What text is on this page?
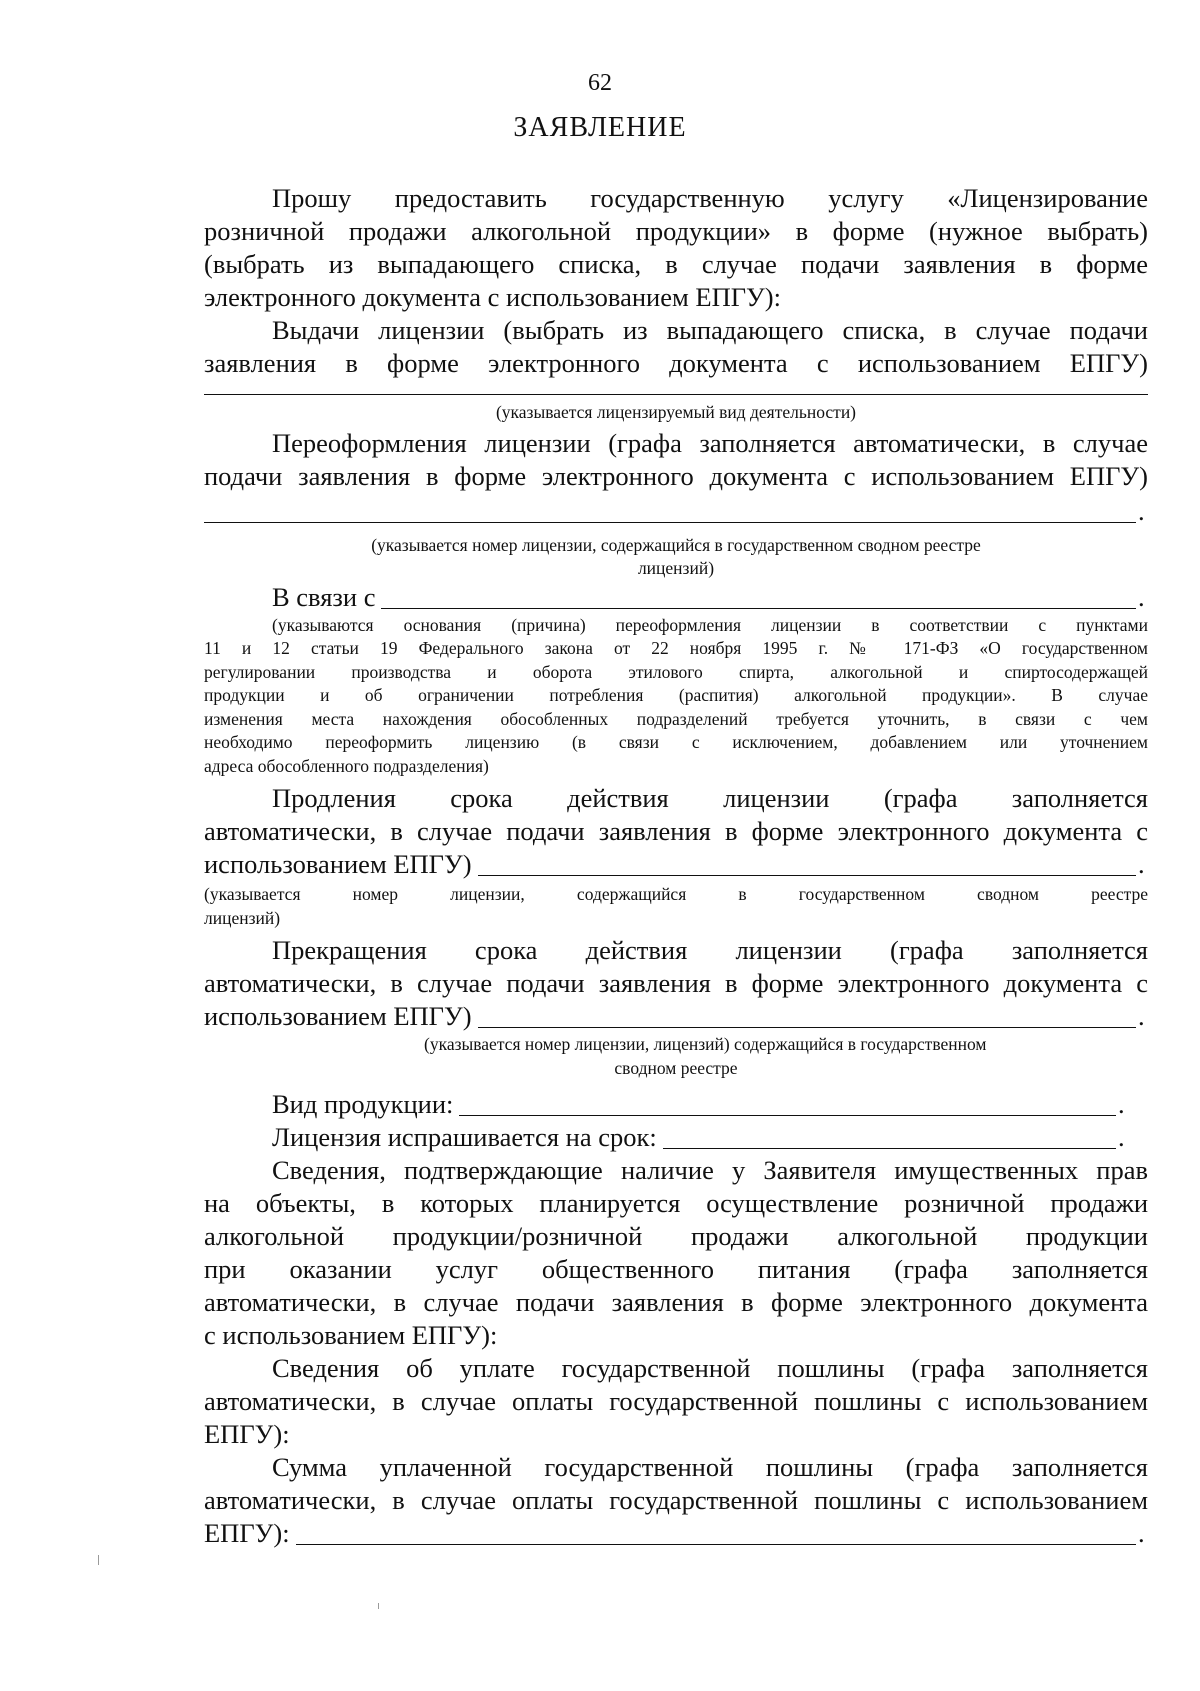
62
ЗАЯВЛЕНИЕ

Прошу предоставить государственную услугу «Лицензирование

розничной продажи алкогольной продукции» в форме (нужное выбрать)

(выбрать из выпадающего списка, в случае подачи заявления в форме

электронного документа с использованием ЕПГУ):

Выдачи лицензии (выбрать из выпадающего списка, в случае подачи

заявления в форме электронного документа с использованием ЕПГУ)

(указывается лицензируемый вид деятельности)

Переоформления лицензии (графа заполняется автоматически, в случае

подачи заявления в форме электронного документа с использованием ЕПГУ)

.

(указывается номер лицензии, содержащийся в государственном сводном реестре

лицензий)

В связи с	.

(указываются основания (причина) переоформления лицензии в соответствии с пунктами

11 и 12 статьи 19 Федерального закона от 22 ноября 1995 г. № 171-ФЗ «О государственном

регулировании производства и оборота этилового спирта, алкогольной и спиртосодержащей

продукции и об ограничении потребления (распития) алкогольной продукции». В случае

изменения места нахождения обособленных подразделений требуется уточнить, в связи с чем

необходимо переоформить лицензию (в связи с исключением, добавлением или уточнением

адреса обособленного подразделения)

Продления срока действия лицензии (графа заполняется

автоматически, в случае подачи заявления в форме электронного документа с

использованием ЕПГУ)	.

(указывается номер лицензии, содержащийся в государственном сводном реестре

лицензий)

Прекращения срока действия лицензии (графа заполняется

автоматически, в случае подачи заявления в форме электронного документа с

использованием ЕПГУ)	.

(указывается номер лицензии, лицензий) содержащийся в государственном

сводном реестре

Вид продукции:	.
Лицензия испрашивается на срок:	.

Сведения, подтверждающие наличие у Заявителя имущественных прав

на объекты, в которых планируется осуществление розничной продажи

алкогольной продукции/розничной продажи алкогольной продукции

при оказании услуг общественного питания (графа заполняется

автоматически, в случае подачи заявления в форме электронного документа

с использованием ЕПГУ):

Сведения об уплате государственной пошлины (графа заполняется

автоматически, в случае оплаты государственной пошлины с использованием

ЕПГУ):

Сумма уплаченной государственной пошлины (графа заполняется

автоматически, в случае оплаты государственной пошлины с использованием

ЕПГУ):	.
